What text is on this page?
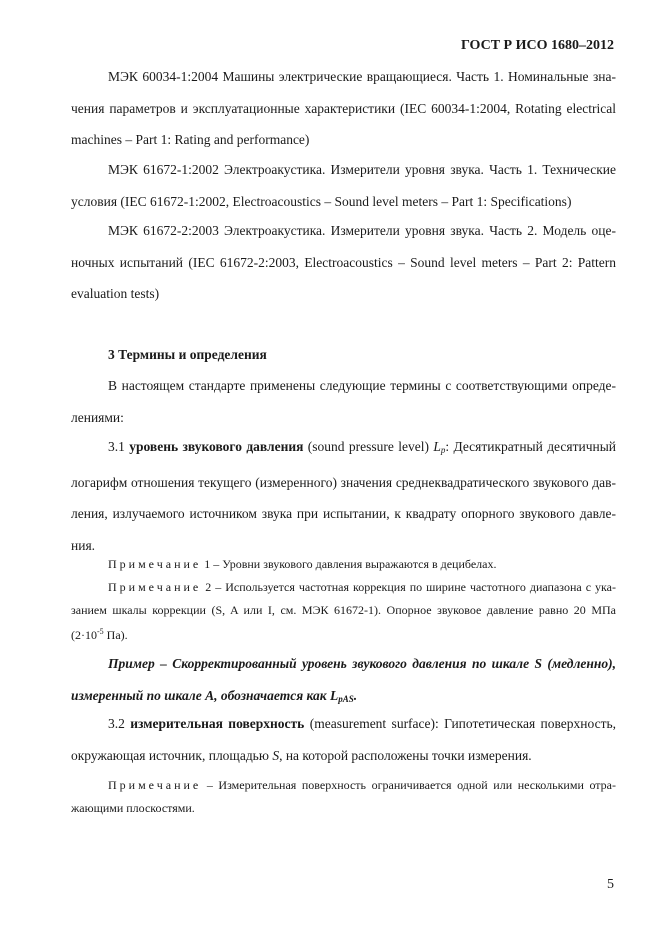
ГОСТ Р ИСО 1680–2012
МЭК 60034-1:2004 Машины электрические вращающиеся. Часть 1. Номинальные зна-
чения параметров и эксплуатационные характеристики (IEC 60034-1:2004, Rotating electrical
machines – Part 1: Rating and performance)
МЭК 61672-1:2002 Электроакустика. Измерители уровня звука. Часть 1. Технические
условия (IEC 61672-1:2002, Electroacoustics – Sound level meters – Part 1: Specifications)
МЭК 61672-2:2003 Электроакустика. Измерители уровня звука. Часть 2. Модель оце-
ночных испытаний (IEC 61672-2:2003, Electroacoustics – Sound level meters – Part 2: Pattern
evaluation tests)
3 Термины и определения
В настоящем стандарте применены следующие термины с соответствующими опреде-
лениями:
3.1 уровень звукового давления (sound pressure level) $L_p$: Десятикратный десятичный
логарифм отношения текущего (измеренного) значения среднеквадратического звукового дав-
ления, излучаемого источником звука при испытании, к квадрату опорного звукового давле-
ния.
Примечание 1 – Уровни звукового давления выражаются в децибелах.
Примечание 2 – Используется частотная коррекция по ширине частотного диапазона с ука-
занием шкалы коррекции (S, A или I, см. МЭК 61672-1). Опорное звуковое давление равно 20 МПа
($2\cdot 10^{-5}$ Па).
Пример – Скорректированный уровень звукового давления по шкале S (медленно),
измеренный по шкале A, обозначается как $L_{pAS}$.
3.2 измерительная поверхность (measurement surface): Гипотетическая поверхность,
окружающая источник, площадью S, на которой расположены точки измерения.
Примечание – Измерительная поверхность ограничивается одной или несколькими отра-
жающими плоскостями.
5
